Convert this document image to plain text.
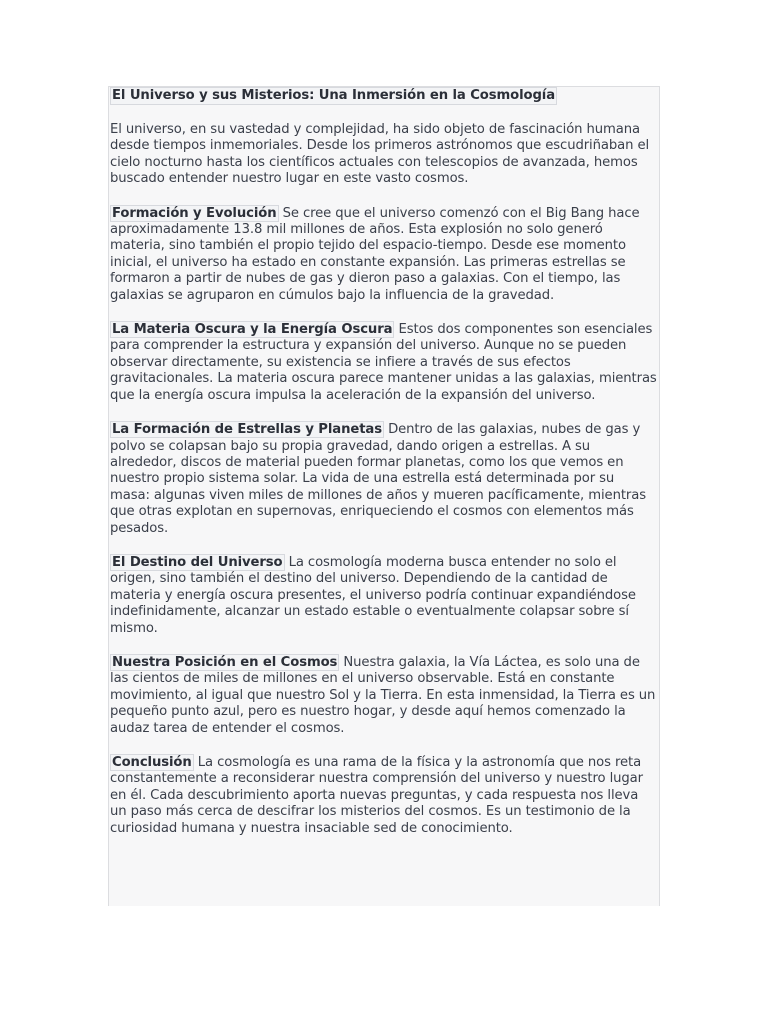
El Universo y sus Misterios: Una Inmersión en la Cosmología

El universo, en su vastedad y complejidad, ha sido objeto de fascinación humana desde tiempos inmemoriales. Desde los primeros astrónomos que escudriñaban el cielo nocturno hasta los científicos actuales con telescopios de avanzada, hemos buscado entender nuestro lugar en este vasto cosmos.

Formación y Evolución Se cree que el universo comenzó con el Big Bang hace aproximadamente 13.8 mil millones de años. Esta explosión no solo generó materia, sino también el propio tejido del espacio-tiempo. Desde ese momento inicial, el universo ha estado en constante expansión. Las primeras estrellas se formaron a partir de nubes de gas y dieron paso a galaxias. Con el tiempo, las galaxias se agruparon en cúmulos bajo la influencia de la gravedad.

La Materia Oscura y la Energía Oscura Estos dos componentes son esenciales para comprender la estructura y expansión del universo. Aunque no se pueden observar directamente, su existencia se infiere a través de sus efectos gravitacionales. La materia oscura parece mantener unidas a las galaxias, mientras que la energía oscura impulsa la aceleración de la expansión del universo.

La Formación de Estrellas y Planetas Dentro de las galaxias, nubes de gas y polvo se colapsan bajo su propia gravedad, dando origen a estrellas. A su alrededor, discos de material pueden formar planetas, como los que vemos en nuestro propio sistema solar. La vida de una estrella está determinada por su masa: algunas viven miles de millones de años y mueren pacíficamente, mientras que otras explotan en supernovas, enriqueciendo el cosmos con elementos más pesados.

El Destino del Universo La cosmología moderna busca entender no solo el origen, sino también el destino del universo. Dependiendo de la cantidad de materia y energía oscura presentes, el universo podría continuar expandiéndose indefinidamente, alcanzar un estado estable o eventualmente colapsar sobre sí mismo.

Nuestra Posición en el Cosmos Nuestra galaxia, la Vía Láctea, es solo una de las cientos de miles de millones en el universo observable. Está en constante movimiento, al igual que nuestro Sol y la Tierra. En esta inmensidad, la Tierra es un pequeño punto azul, pero es nuestro hogar, y desde aquí hemos comenzado la audaz tarea de entender el cosmos.

Conclusión La cosmología es una rama de la física y la astronomía que nos reta constantemente a reconsiderar nuestra comprensión del universo y nuestro lugar en él. Cada descubrimiento aporta nuevas preguntas, y cada respuesta nos lleva un paso más cerca de descifrar los misterios del cosmos. Es un testimonio de la curiosidad humana y nuestra insaciable sed de conocimiento.
